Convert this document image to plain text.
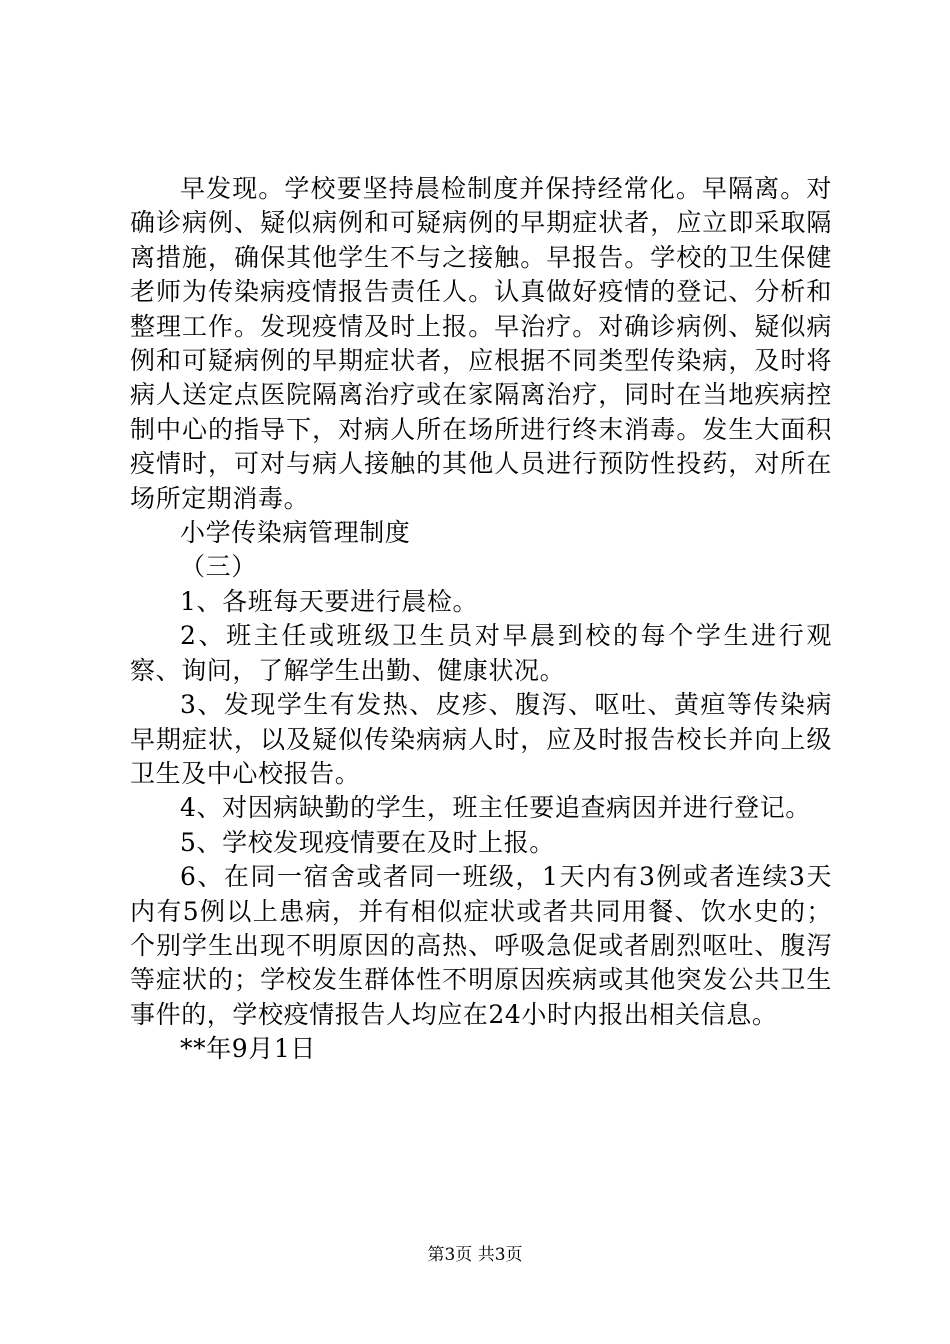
早发现。学校要坚持晨检制度并保持经常化。早隔离。对确诊病例、疑似病例和可疑病例的早期症状者，应立即采取隔离措施，确保其他学生不与之接触。早报告。学校的卫生保健老师为传染病疫情报告责任人。认真做好疫情的登记、分析和整理工作。发现疫情及时上报。早治疗。对确诊病例、疑似病例和可疑病例的早期症状者，应根据不同类型传染病，及时将病人送定点医院隔离治疗或在家隔离治疗，同时在当地疾病控制中心的指导下，对病人所在场所进行终末消毒。发生大面积疫情时，可对与病人接触的其他人员进行预防性投药，对所在场所定期消毒。

小学传染病管理制度

（三）

1、各班每天要进行晨检。

2、班主任或班级卫生员对早晨到校的每个学生进行观察、询问，了解学生出勤、健康状况。

3、发现学生有发热、皮疹、腹泻、呕吐、黄疸等传染病早期症状，以及疑似传染病病人时，应及时报告校长并向上级卫生及中心校报告。

4、对因病缺勤的学生，班主任要追查病因并进行登记。

5、学校发现疫情要在及时上报。

6、在同一宿舍或者同一班级，1天内有3例或者连续3天内有5例以上患病，并有相似症状或者共同用餐、饮水史的；个别学生出现不明原因的高热、呼吸急促或者剧烈呕吐、腹泻等症状的；学校发生群体性不明原因疾病或其他突发公共卫生事件的，学校疫情报告人均应在24小时内报出相关信息。

**年9月1日

第3页 共3页
